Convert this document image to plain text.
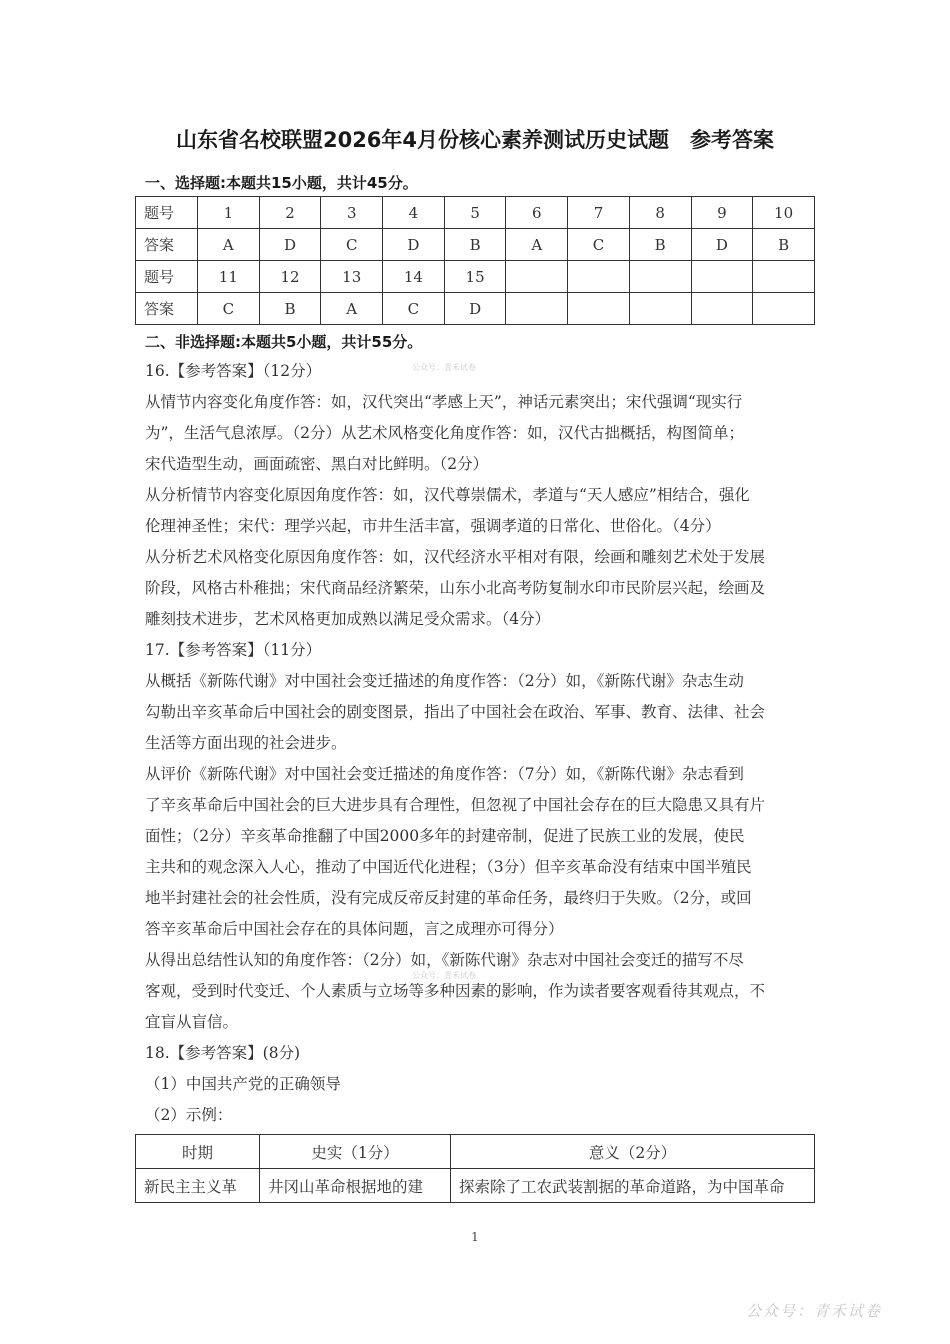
山东省名校联盟2026年4月份核心素养测试历史试题　参考答案
一、选择题:本题共15小题，共计45分。
题号	1	2	3	4	5	6	7	8	9	10
答案	A	D	C	D	B	A	C	B	D	B
题号	11	12	13	14	15					
答案	C	B	A	C	D					
二、非选择题:本题共5小题，共计55分。
公众号：青禾试卷
公众号：青禾试卷
16.【参考答案】（12分）
从情节内容变化角度作答：如，汉代突出“孝感上天”，神话元素突出；宋代强调“现实行
为”，生活气息浓厚。（2分）从艺术风格变化角度作答：如，汉代古拙概括，构图简单；
宋代造型生动，画面疏密、黑白对比鲜明。（2分）
从分析情节内容变化原因角度作答：如，汉代尊崇儒术，孝道与“天人感应”相结合，强化
伦理神圣性；宋代：理学兴起，市井生活丰富，强调孝道的日常化、世俗化。（4分）
从分析艺术风格变化原因角度作答：如，汉代经济水平相对有限，绘画和雕刻艺术处于发展
阶段，风格古朴稚拙；宋代商品经济繁荣，山东小北高考防复制水印市民阶层兴起，绘画及
雕刻技术进步，艺术风格更加成熟以满足受众需求。（4分）
17.【参考答案】（11分）
从概括《新陈代谢》对中国社会变迁描述的角度作答：（2分）如，《新陈代谢》杂志生动
勾勒出辛亥革命后中国社会的剧变图景，指出了中国社会在政治、军事、教育、法律、社会
生活等方面出现的社会进步。
从评价《新陈代谢》对中国社会变迁描述的角度作答：（7分）如，《新陈代谢》杂志看到
了辛亥革命后中国社会的巨大进步具有合理性，但忽视了中国社会存在的巨大隐患又具有片
面性；（2分）辛亥革命推翻了中国2000多年的封建帝制，促进了民族工业的发展，使民
主共和的观念深入人心，推动了中国近代化进程；（3分）但辛亥革命没有结束中国半殖民
地半封建社会的社会性质，没有完成反帝反封建的革命任务，最终归于失败。（2分，或回
答辛亥革命后中国社会存在的具体问题，言之成理亦可得分）
从得出总结性认知的角度作答：（2分）如，《新陈代谢》杂志对中国社会变迁的描写不尽
客观，受到时代变迁、个人素质与立场等多种因素的影响，作为读者要客观看待其观点，不
宜盲从盲信。
18.【参考答案】(8分)
（1）中国共产党的正确领导
（2）示例：
时期	史实（1分）	意义（2分）
新民主主义革	井冈山革命根据地的建	探索除了工农武装割据的革命道路，为中国革命
1
公众号：青禾试卷
